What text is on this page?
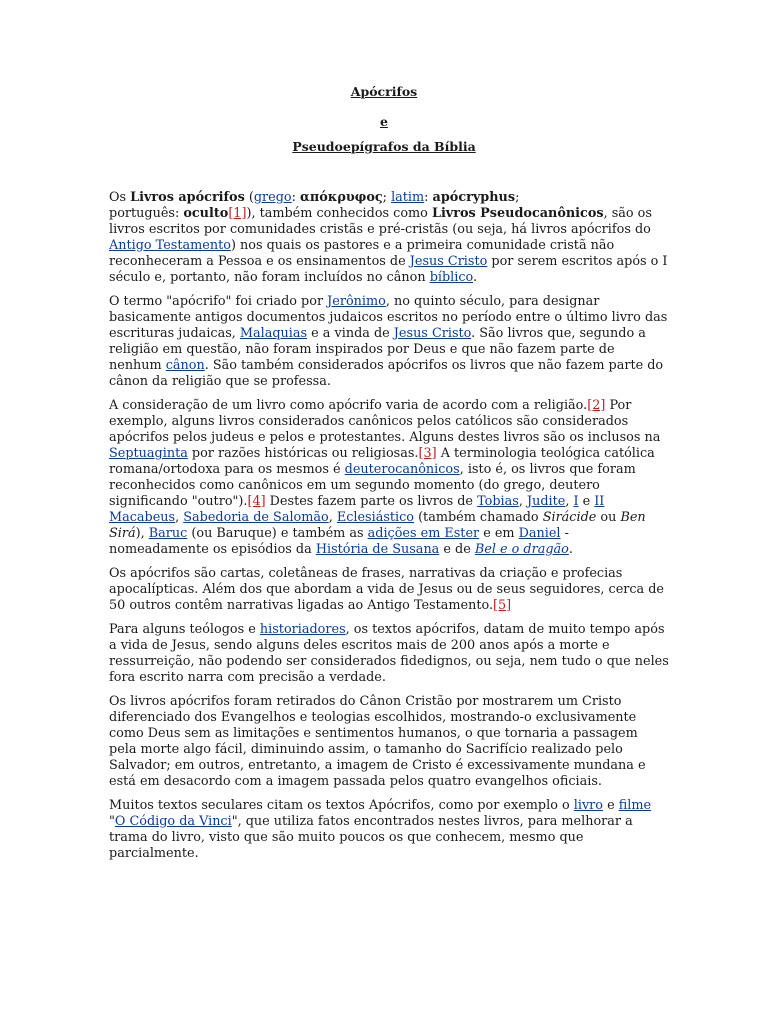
Apócrifos
e
Pseudoepígrafos da Bíblia

Os Livros apócrifos (grego: απόκρυφος; latim: apócryphus;
português: oculto[1]), também conhecidos como Livros Pseudocanônicos, são os livros escritos por comunidades cristãs e pré-cristãs (ou seja, há livros apócrifos do Antigo Testamento) nos quais os pastores e a primeira comunidade cristã não reconheceram a Pessoa e os ensinamentos de Jesus Cristo por serem escritos após o I século e, portanto, não foram incluídos no cânon bíblico.

O termo "apócrifo" foi criado por Jerônimo, no quinto século, para designar basicamente antigos documentos judaicos escritos no período entre o último livro das escrituras judaicas, Malaquias e a vinda de Jesus Cristo. São livros que, segundo a religião em questão, não foram inspirados por Deus e que não fazem parte de nenhum cânon. São também considerados apócrifos os livros que não fazem parte do cânon da religião que se professa.

A consideração de um livro como apócrifo varia de acordo com a religião.[2] Por exemplo, alguns livros considerados canônicos pelos católicos são considerados apócrifos pelos judeus e pelos e protestantes. Alguns destes livros são os inclusos na Septuaginta por razões históricas ou religiosas.[3] A terminologia teológica católica romana/ortodoxa para os mesmos é deuterocanônicos, isto é, os livros que foram reconhecidos como canônicos em um segundo momento (do grego, deutero significando "outro").[4] Destes fazem parte os livros de Tobias, Judite, I e II Macabeus, Sabedoria de Salomão, Eclesiástico (também chamado Sirácide ou Ben Sirá), Baruc (ou Baruque) e também as adições em Ester e em Daniel - nomeadamente os episódios da História de Susana e de Bel e o dragão.

Os apócrifos são cartas, coletâneas de frases, narrativas da criação e profecias apocalípticas. Além dos que abordam a vida de Jesus ou de seus seguidores, cerca de 50 outros contêm narrativas ligadas ao Antigo Testamento.[5]

Para alguns teólogos e historiadores, os textos apócrifos, datam de muito tempo após a vida de Jesus, sendo alguns deles escritos mais de 200 anos após a morte e ressurreição, não podendo ser considerados fidedignos, ou seja, nem tudo o que neles fora escrito narra com precisão a verdade.

Os livros apócrifos foram retirados do Cânon Cristão por mostrarem um Cristo diferenciado dos Evangelhos e teologias escolhidos, mostrando-o exclusivamente como Deus sem as limitações e sentimentos humanos, o que tornaria a passagem pela morte algo fácil, diminuindo assim, o tamanho do Sacrifício realizado pelo Salvador; em outros, entretanto, a imagem de Cristo é excessivamente mundana e está em desacordo com a imagem passada pelos quatro evangelhos oficiais.

Muitos textos seculares citam os textos Apócrifos, como por exemplo o livro e filme "O Código da Vinci", que utiliza fatos encontrados nestes livros, para melhorar a trama do livro, visto que são muito poucos os que conhecem, mesmo que parcialmente.
